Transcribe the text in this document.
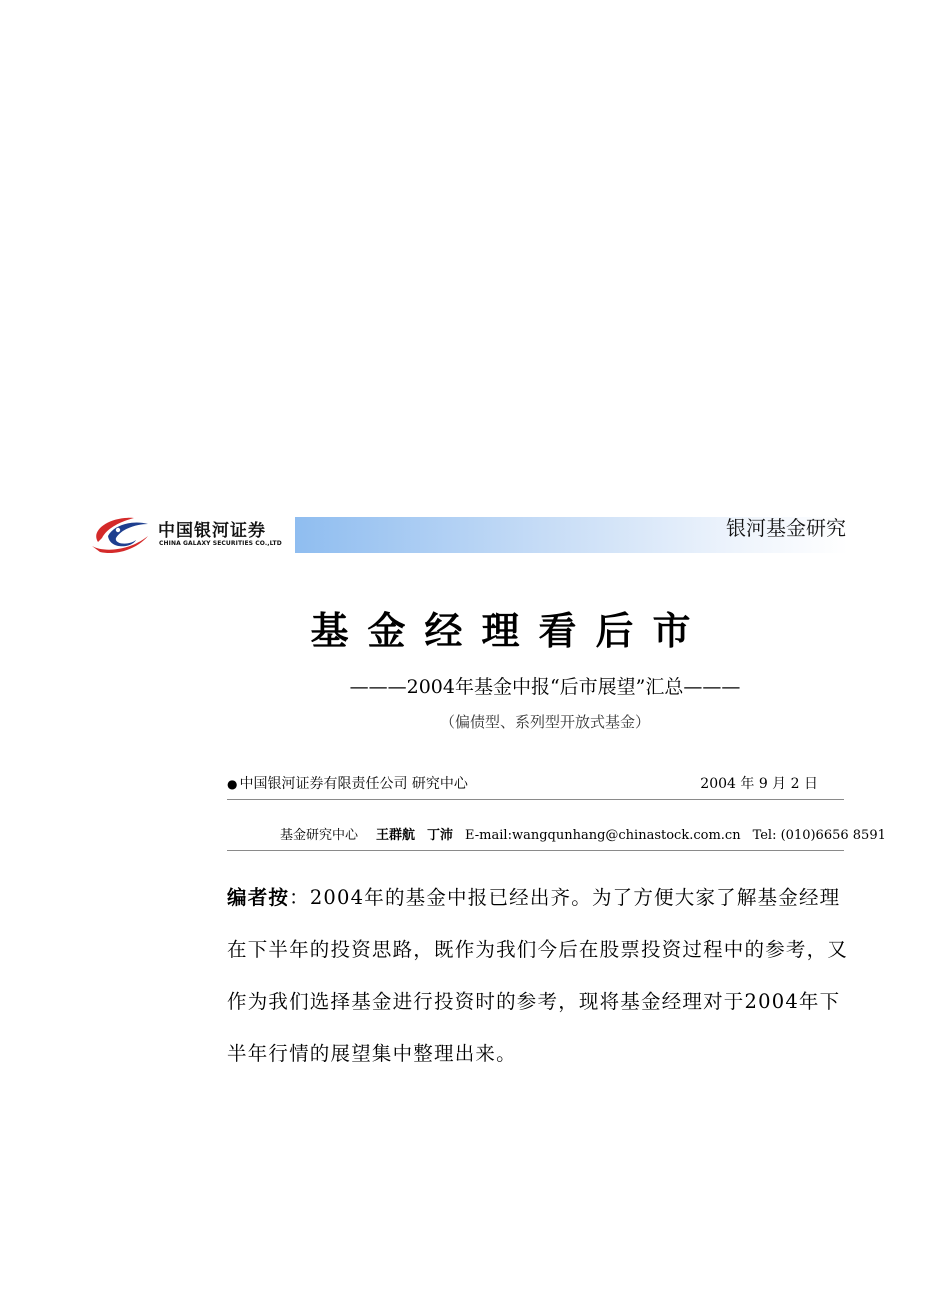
中国银河证券
CHINA GALAXY SECURITIES CO.,LTD
银河基金研究
基金经理看后市
———2004年基金中报“后市展望”汇总———
（偏债型、系列型开放式基金）
● 中国银河证券有限责任公司 研究中心	2004 年 9 月 2 日
基金研究中心 王群航 丁沛 E-mail:wangqunhang@chinastock.com.cn Tel: (010)6656 8591
编者按：2004年的基金中报已经出齐。为了方便大家了解基金经理在下半年的投资思路，既作为我们今后在股票投资过程中的参考，又作为我们选择基金进行投资时的参考，现将基金经理对于2004年下半年行情的展望集中整理出来。
